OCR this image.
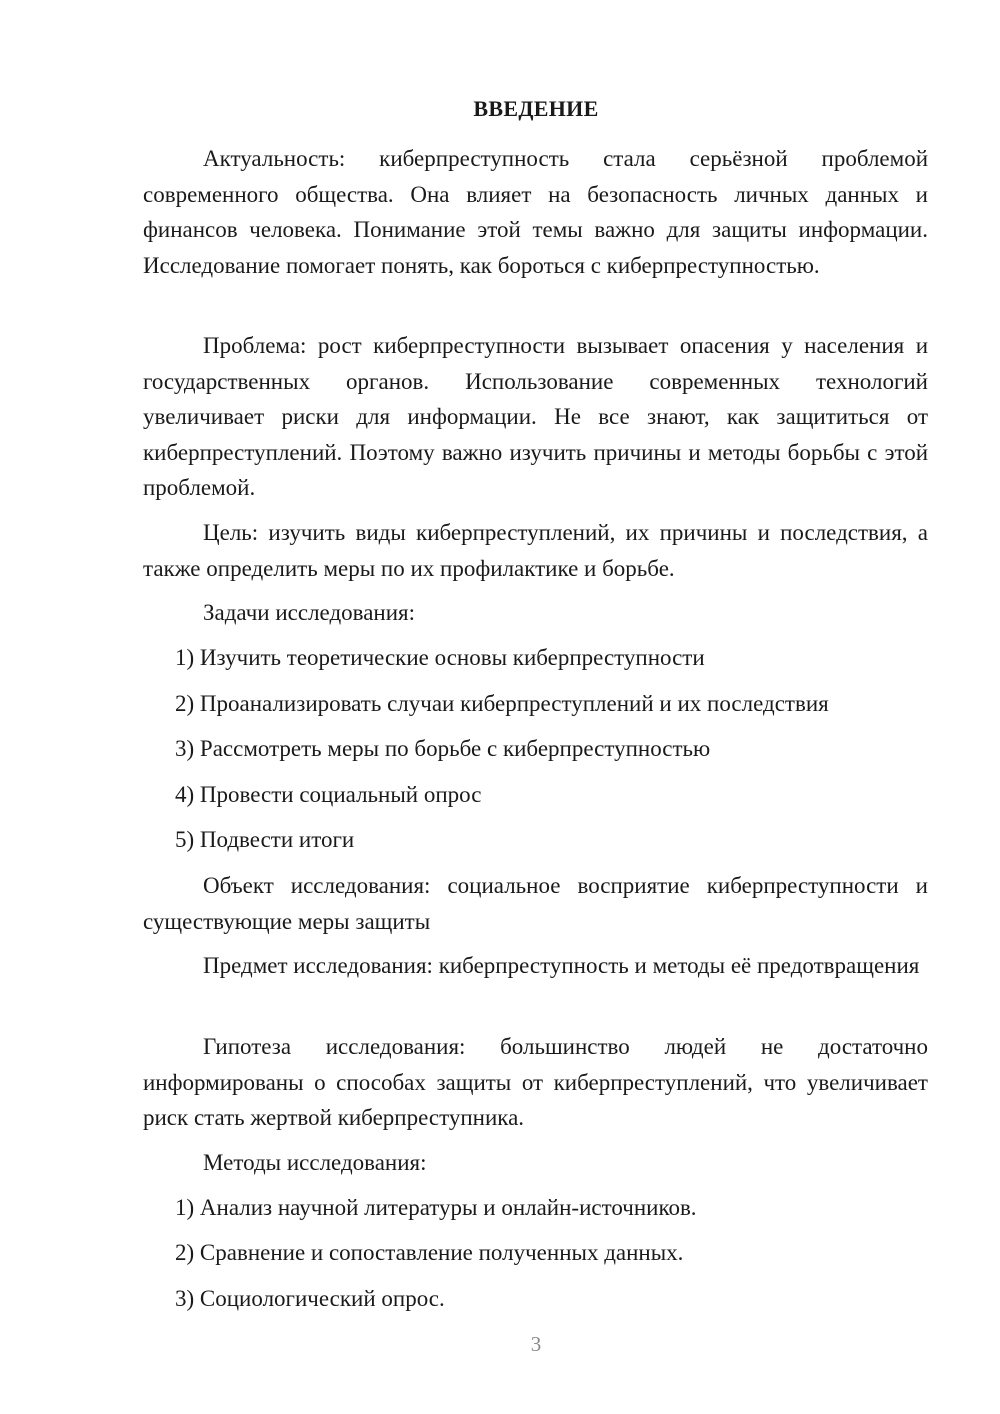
ВВЕДЕНИЕ

Актуальность: киберпреступность стала серьёзной проблемой современного общества. Она влияет на безопасность личных данных и финансов человека. Понимание этой темы важно для защиты информации. Исследование помогает понять, как бороться с киберпреступностью.

Проблема: рост киберпреступности вызывает опасения у населения и государственных органов. Использование современных технологий увеличивает риски для информации. Не все знают, как защититься от киберпреступлений. Поэтому важно изучить причины и методы борьбы с этой проблемой.

Цель: изучить виды киберпреступлений, их причины и последствия, а также определить меры по их профилактике и борьбе.

Задачи исследования:

1) Изучить теоретические основы киберпреступности
2) Проанализировать случаи киберпреступлений и их последствия
3) Рассмотреть меры по борьбе с киберпреступностью
4) Провести социальный опрос
5) Подвести итоги

Объект исследования: социальное восприятие киберпреступности и существующие меры защиты

Предмет исследования: киберпреступность и методы её предотвращения

Гипотеза исследования: большинство людей не достаточно информированы о способах защиты от киберпреступлений, что увеличивает риск стать жертвой киберпреступника.

Методы исследования:

1) Анализ научной литературы и онлайн-источников.
2) Сравнение и сопоставление полученных данных.
3) Социологический опрос.
3
